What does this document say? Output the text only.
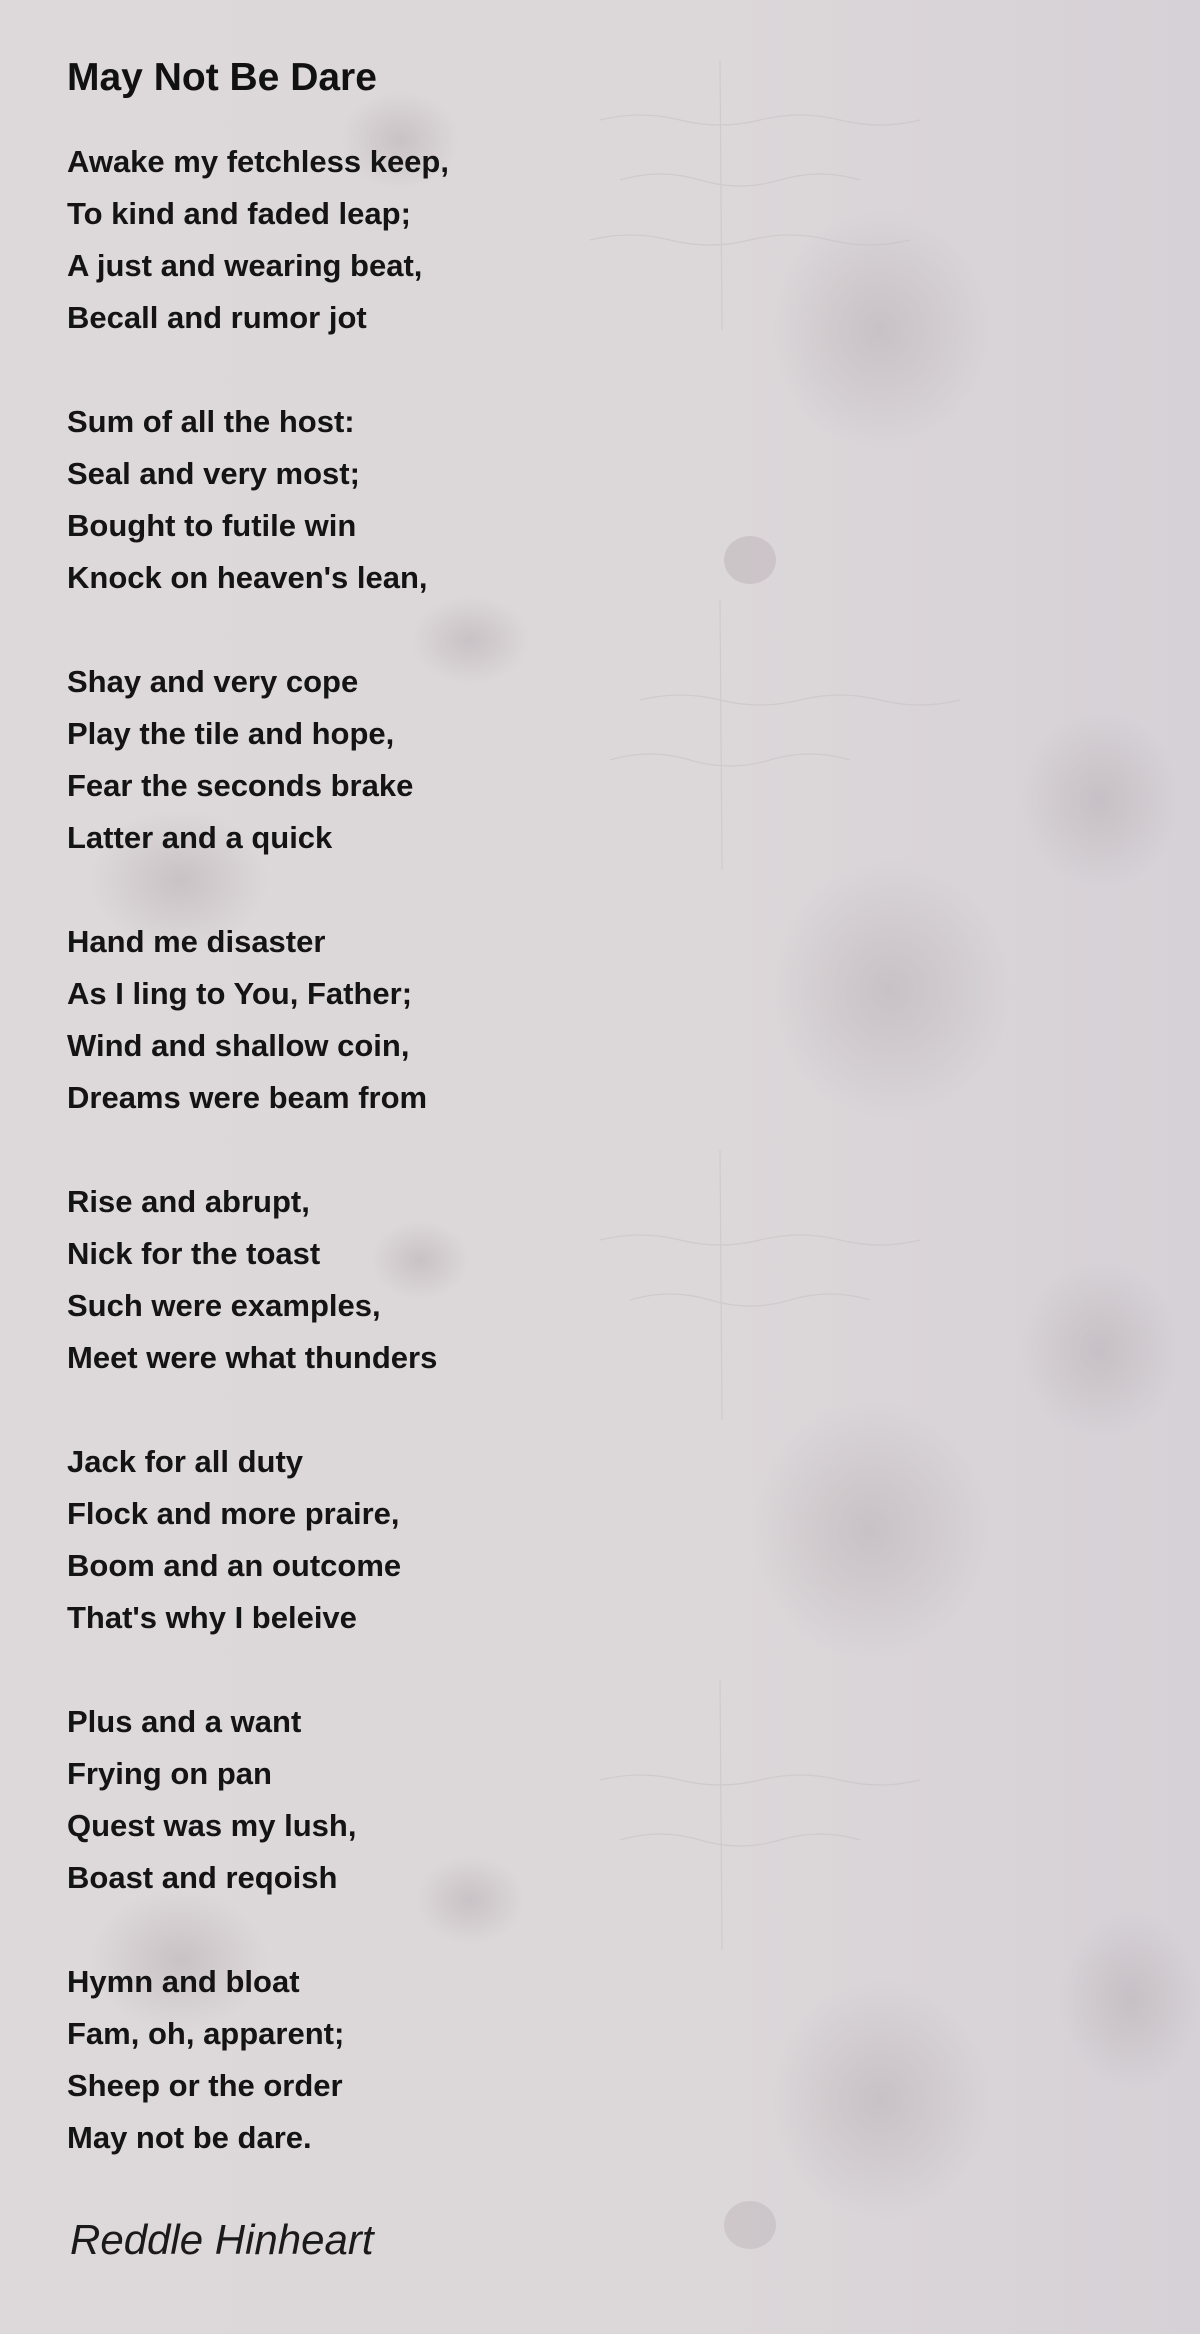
May Not Be Dare
Awake my fetchless keep,
To kind and faded leap;
A just and wearing beat,
Becall and rumor jot
Sum of all the host:
Seal and very most;
Bought to futile win
Knock on heaven's lean,
Shay and very cope
Play the tile and hope,
Fear the seconds brake
Latter and a quick
Hand me disaster
As I ling to You, Father;
Wind and shallow coin,
Dreams were beam from
Rise and abrupt,
Nick for the toast
Such were examples,
Meet were what thunders
Jack for all duty
Flock and more praire,
Boom and an outcome
That's why I beleive
Plus and a want
Frying on pan
Quest was my lush,
Boast and reqoish
Hymn and bloat
Fam, oh, apparent;
Sheep or the order
May not be dare.
Reddle Hinheart
